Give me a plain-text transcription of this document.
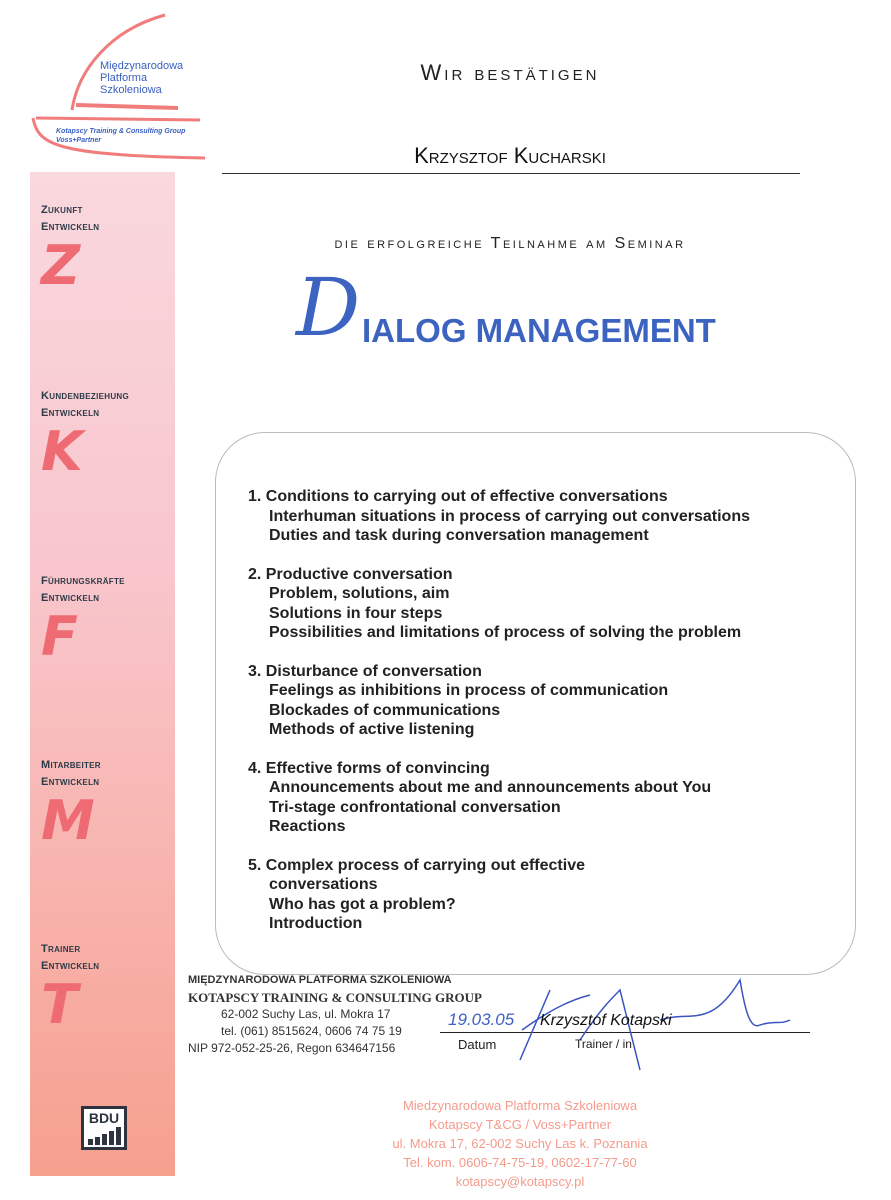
Międzynarodowa
Platforma
Szkoleniowa
Kotapscy Training & Consulting Group
Voss+Partner
Zukunft
Entwickeln
Z
Kundenbeziehung
Entwickeln
K
Führungskräfte
Entwickeln
F
Mitarbeiter
Entwickeln
M
Trainer
Entwickeln
T
BDU
Wir bestätigen
Krzysztof Kucharski
die erfolgreiche Teilnahme am Seminar
D IALOG MANAGEMENT
1. Conditions to carrying out of effective conversations
Interhuman situations in process of carrying out conversations
Duties and task during conversation management
2. Productive conversation
Problem, solutions, aim
Solutions in four steps
Possibilities and limitations of process of solving the problem
3. Disturbance of conversation
Feelings as inhibitions in process of communication
Blockades of communications
Methods of active listening
4. Effective forms of convincing
Announcements about me and announcements about You
Tri-stage confrontational conversation
Reactions
5. Complex process of carrying out effective
conversations
Who has got a problem?
Introduction
MIĘDZYNARODOWA PLATFORMA SZKOLENIOWA
KOTAPSCY TRAINING & CONSULTING GROUP
62-002 Suchy Las, ul. Mokra 17
tel. (061) 8515624, 0606 74 75 19
NIP 972-052-25-26, Regon 634647156
19.03.05
Datum
Krzysztof Kotapski
Trainer / in
Miedzynarodowa Platforma Szkoleniowa
Kotapscy T&CG / Voss+Partner
ul. Mokra 17, 62-002 Suchy Las k. Poznania
Tel. kom. 0606-74-75-19, 0602-17-77-60
kotapscy@kotapscy.pl
